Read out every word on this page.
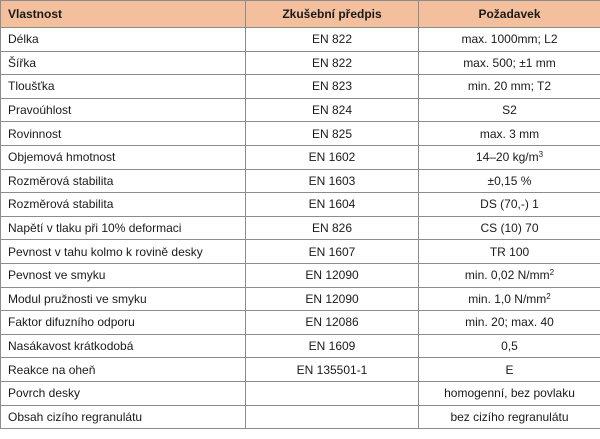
Vlastnost	Zkušební předpis	Požadavek
Délka	EN 822	max. 1000mm; L2
Šířka	EN 822	max. 500; ±1 mm
Tloušťka	EN 823	min. 20 mm; T2
Pravoúhlost	EN 824	S2
Rovinnost	EN 825	max. 3 mm
Objemová hmotnost	EN 1602	14–20 $kg/m^3$
Rozměrová stabilita	EN 1603	±0,15 %
Rozměrová stabilita	EN 1604	DS (70,-) 1
Napětí v tlaku při 10% deformaci	EN 826	CS (10) 70
Pevnost v tahu kolmo k rovině desky	EN 1607	TR 100
Pevnost ve smyku	EN 12090	min. 0,02 $N/mm^2$
Modul pružnosti ve smyku	EN 12090	min. 1,0 $N/mm^2$
Faktor difuzního odporu	EN 12086	min. 20; max. 40
Nasákavost krátkodobá	EN 1609	0,5
Reakce na oheň	EN 135501-1	E
Povrch desky		homogenní, bez povlaku
Obsah cizího regranulátu		bez cizího regranulátu
